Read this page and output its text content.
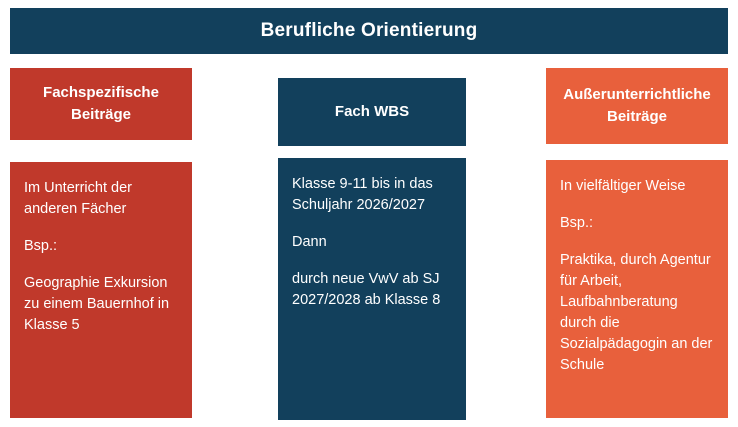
Berufliche Orientierung
Fachspezifische Beiträge

Im Unterricht der anderen Fächer

Bsp.:

Geographie Exkursion zu einem Bauernhof in Klasse 5

Fach WBS

Klasse 9-11 bis in das Schuljahr 2026/2027

Dann

durch neue VwV ab SJ 2027/2028 ab Klasse 8

Außerunterrichtliche Beiträge

In vielfältiger Weise

Bsp.:

Praktika, durch Agentur für Arbeit, Laufbahnberatung durch die Sozialpädagogin an der Schule
